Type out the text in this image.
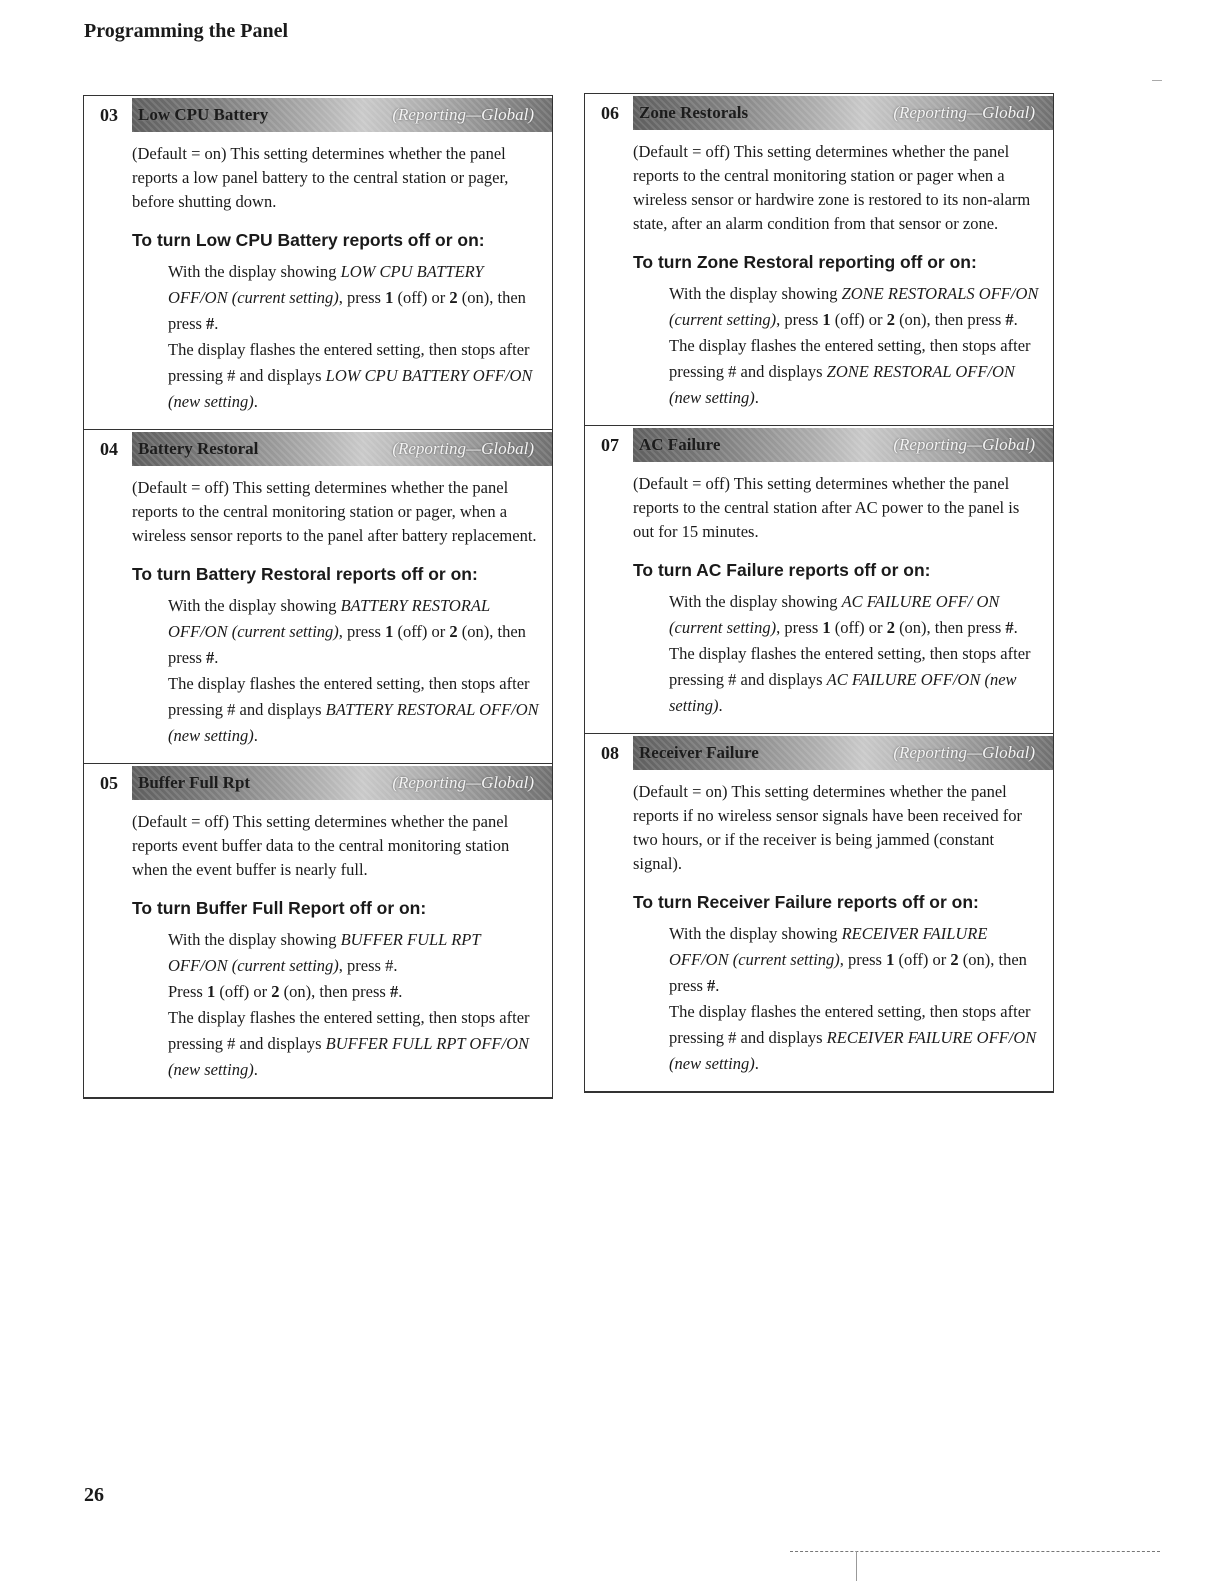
Programming the Panel
03	Low CPU Battery	(Reporting—Global)

(Default = on) This setting determines whether the panel reports a low panel battery to the central station or pager, before shutting down.

To turn Low CPU Battery reports off or on:

With the display showing LOW CPU BATTERY OFF/ON (current setting), press 1 (off) or 2 (on), then press #.

The display flashes the entered setting, then stops after pressing # and displays LOW CPU BATTERY OFF/ON (new setting).

04	Battery Restoral	(Reporting—Global)

(Default = off) This setting determines whether the panel reports to the central monitoring station or pager, when a wireless sensor reports to the panel after battery replacement.

To turn Battery Restoral reports off or on:

With the display showing BATTERY RESTORAL OFF/ON (current setting), press 1 (off) or 2 (on), then press #.

The display flashes the entered setting, then stops after pressing # and displays BATTERY RESTORAL OFF/ON (new setting).

05	Buffer Full Rpt	(Reporting—Global)

(Default = off) This setting determines whether the panel reports event buffer data to the central monitoring station when the event buffer is nearly full.

To turn Buffer Full Report off or on:

With the display showing BUFFER FULL RPT OFF/ON (current setting), press #.

Press 1 (off) or 2 (on), then press #.

The display flashes the entered setting, then stops after pressing # and displays BUFFER FULL RPT OFF/ON (new setting).

06	Zone Restorals	(Reporting—Global)

(Default = off) This setting determines whether the panel reports to the central monitoring station or pager when a wireless sensor or hardwire zone is restored to its non-alarm state, after an alarm condition from that sensor or zone.

To turn Zone Restoral reporting off or on:

With the display showing ZONE RESTORALS OFF/ON (current setting), press 1 (off) or 2 (on), then press #.

The display flashes the entered setting, then stops after pressing # and displays ZONE RESTORAL OFF/ON (new setting).

07	AC Failure	(Reporting—Global)

(Default = off) This setting determines whether the panel reports to the central station after AC power to the panel is out for 15 minutes.

To turn AC Failure reports off or on:

With the display showing AC FAILURE OFF/ ON (current setting), press 1 (off) or 2 (on), then press #.

The display flashes the entered setting, then stops after pressing # and displays AC FAILURE OFF/ON (new setting).

08	Receiver Failure	(Reporting—Global)

(Default = on) This setting determines whether the panel reports if no wireless sensor signals have been received for two hours, or if the receiver is being jammed (constant signal).

To turn Receiver Failure reports off or on:

With the display showing RECEIVER FAILURE OFF/ON (current setting), press 1 (off) or 2 (on), then press #.

The display flashes the entered setting, then stops after pressing # and displays RECEIVER FAILURE OFF/ON (new setting).

26
